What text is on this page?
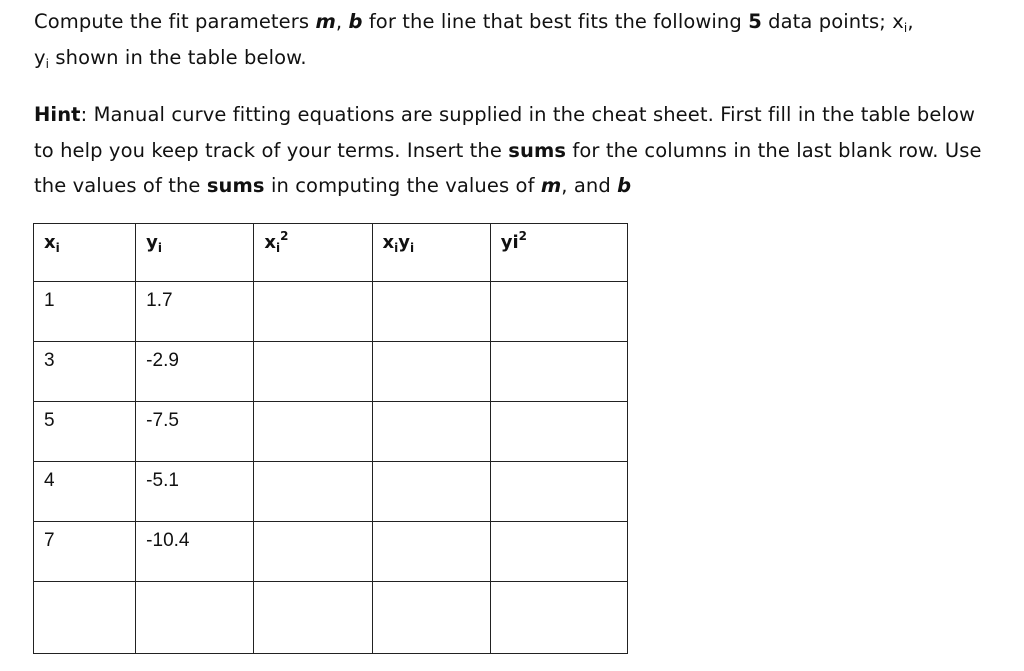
Compute the fit parameters m, b for the line that best fits the following 5 data points; $x_i$,
$y_i$ shown in the table below.
Hint: Manual curve fitting equations are supplied in the cheat sheet. First fill in the table below to help you keep track of your terms. Insert the sums for the columns in the last blank row. Use the values of the sums in computing the values of m, and b
$x_i$	$y_i$	$x_i^2$	$x_iy_i$	$yi^2$
1	1.7			
3	-2.9			
5	-7.5			
4	-5.1			
7	-10.4			
